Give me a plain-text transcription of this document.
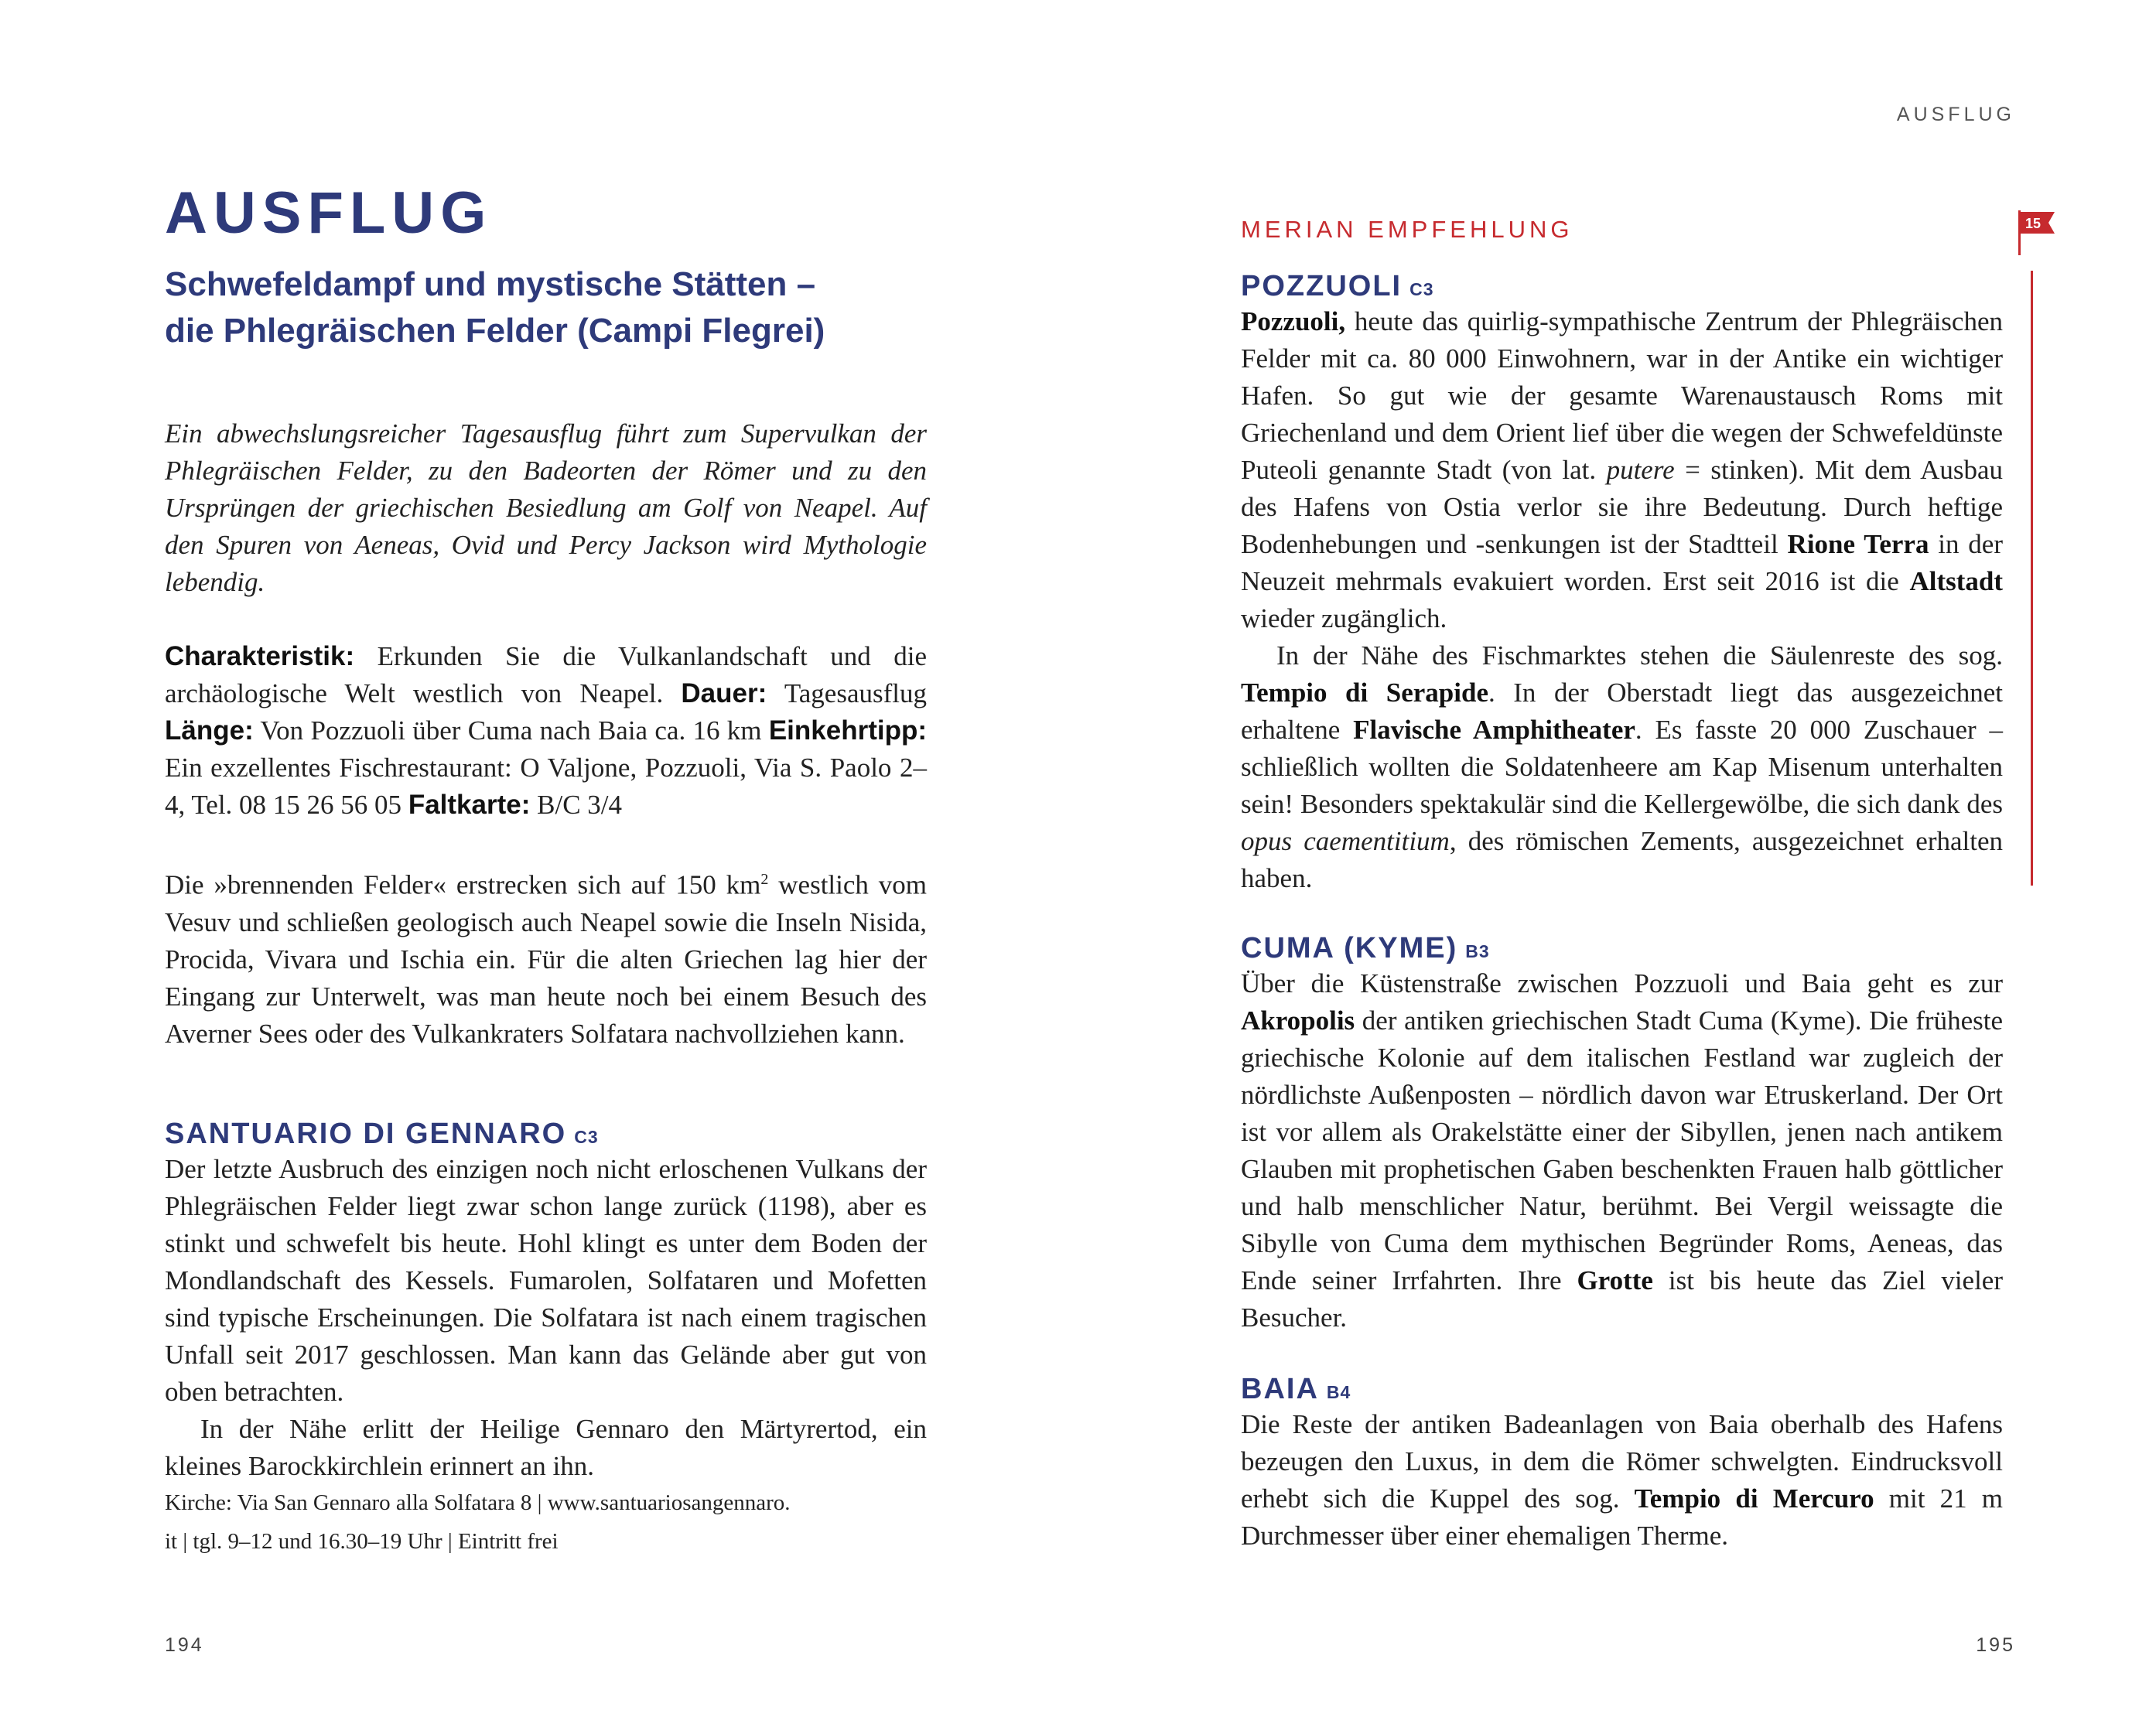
AUSFLUG
Schwefeldampf und mystische Stätten –
die Phlegräischen Felder (Campi Flegrei)

Ein abwechslungsreicher Tagesausflug führt zum Supervulkan der Phlegräischen Felder, zu den Badeorten der Römer und zu den Ursprüngen der griechischen Besiedlung am Golf von Neapel. Auf den Spuren von Aeneas, Ovid und Percy Jackson wird Mythologie lebendig.

Charakteristik: Erkunden Sie die Vulkanlandschaft und die archäologische Welt westlich von Neapel. Dauer: Tagesausflug Länge: Von Pozzuoli über Cuma nach Baia ca. 16 km Einkehrtipp: Ein exzellentes Fischrestaurant: O Valjone, Pozzuoli, Via S. Paolo 2–4, Tel. 08 15 26 56 05 Faltkarte: B/C 3/4

Die »brennenden Felder« erstrecken sich auf 150 $km^2$ westlich vom Vesuv und schließen geologisch auch Neapel sowie die Inseln Nisida, Procida, Vivara und Ischia ein. Für die alten Griechen lag hier der Eingang zur Unterwelt, was man heute noch bei einem Besuch des Averner Sees oder des Vulkankraters Solfatara nachvollziehen kann.

SANTUARIO DI GENNARO C3

Der letzte Ausbruch des einzigen noch nicht erloschenen Vulkans der Phlegräischen Felder liegt zwar schon lange zurück (1198), aber es stinkt und schwefelt bis heute. Hohl klingt es unter dem Boden der Mondlandschaft des Kessels. Fumarolen, Solfataren und Mofetten sind typische Erscheinungen. Die Solfatara ist nach einem tragischen Unfall seit 2017 geschlossen. Man kann das Gelände aber gut von oben betrachten.

In der Nähe erlitt der Heilige Gennaro den Märtyrertod, ein kleines Barockkirchlein erinnert an ihn.

Kirche: Via San Gennaro alla Solfatara 8 | www.santuariosangennaro.
it | tgl. 9–12 und 16.30–19 Uhr | Eintritt frei

194
AUSFLUG

MERIAN EMPFEHLUNG	15
POZZUOLI C3

Pozzuoli, heute das quirlig-sympathische Zentrum der Phlegräischen Felder mit ca. 80 000 Einwohnern, war in der Antike ein wichtiger Hafen. So gut wie der gesamte Warenaustausch Roms mit Griechenland und dem Orient lief über die wegen der Schwefeldünste Puteoli genannte Stadt (von lat. putere = stinken). Mit dem Ausbau des Hafens von Ostia verlor sie ihre Bedeutung. Durch heftige Bodenhebungen und -senkungen ist der Stadtteil Rione Terra in der Neuzeit mehrmals evakuiert worden. Erst seit 2016 ist die Altstadt wieder zugänglich.

In der Nähe des Fischmarktes stehen die Säulenreste des sog. Tempio di Serapide. In der Oberstadt liegt das ausgezeichnet erhaltene Flavische Amphitheater. Es fasste 20 000 Zuschauer – schließlich wollten die Soldatenheere am Kap Misenum unterhalten sein! Besonders spektakulär sind die Kellergewölbe, die sich dank des opus caementitium, des römischen Zements, ausgezeichnet erhalten haben.

CUMA (KYME) B3

Über die Küstenstraße zwischen Pozzuoli und Baia geht es zur Akropolis der antiken griechischen Stadt Cuma (Kyme). Die früheste griechische Kolonie auf dem italischen Festland war zugleich der nördlichste Außenposten – nördlich davon war Etruskerland. Der Ort ist vor allem als Orakelstätte einer der Sibyllen, jenen nach antikem Glauben mit prophetischen Gaben beschenkten Frauen halb göttlicher und halb menschlicher Natur, berühmt. Bei Vergil weissagte die Sibylle von Cuma dem mythischen Begründer Roms, Aeneas, das Ende seiner Irrfahrten. Ihre Grotte ist bis heute das Ziel vieler Besucher.

BAIA B4

Die Reste der antiken Badeanlagen von Baia oberhalb des Hafens bezeugen den Luxus, in dem die Römer schwelgten. Eindrucksvoll erhebt sich die Kuppel des sog. Tempio di Mercuro mit 21 m Durchmesser über einer ehemaligen Therme.

195
